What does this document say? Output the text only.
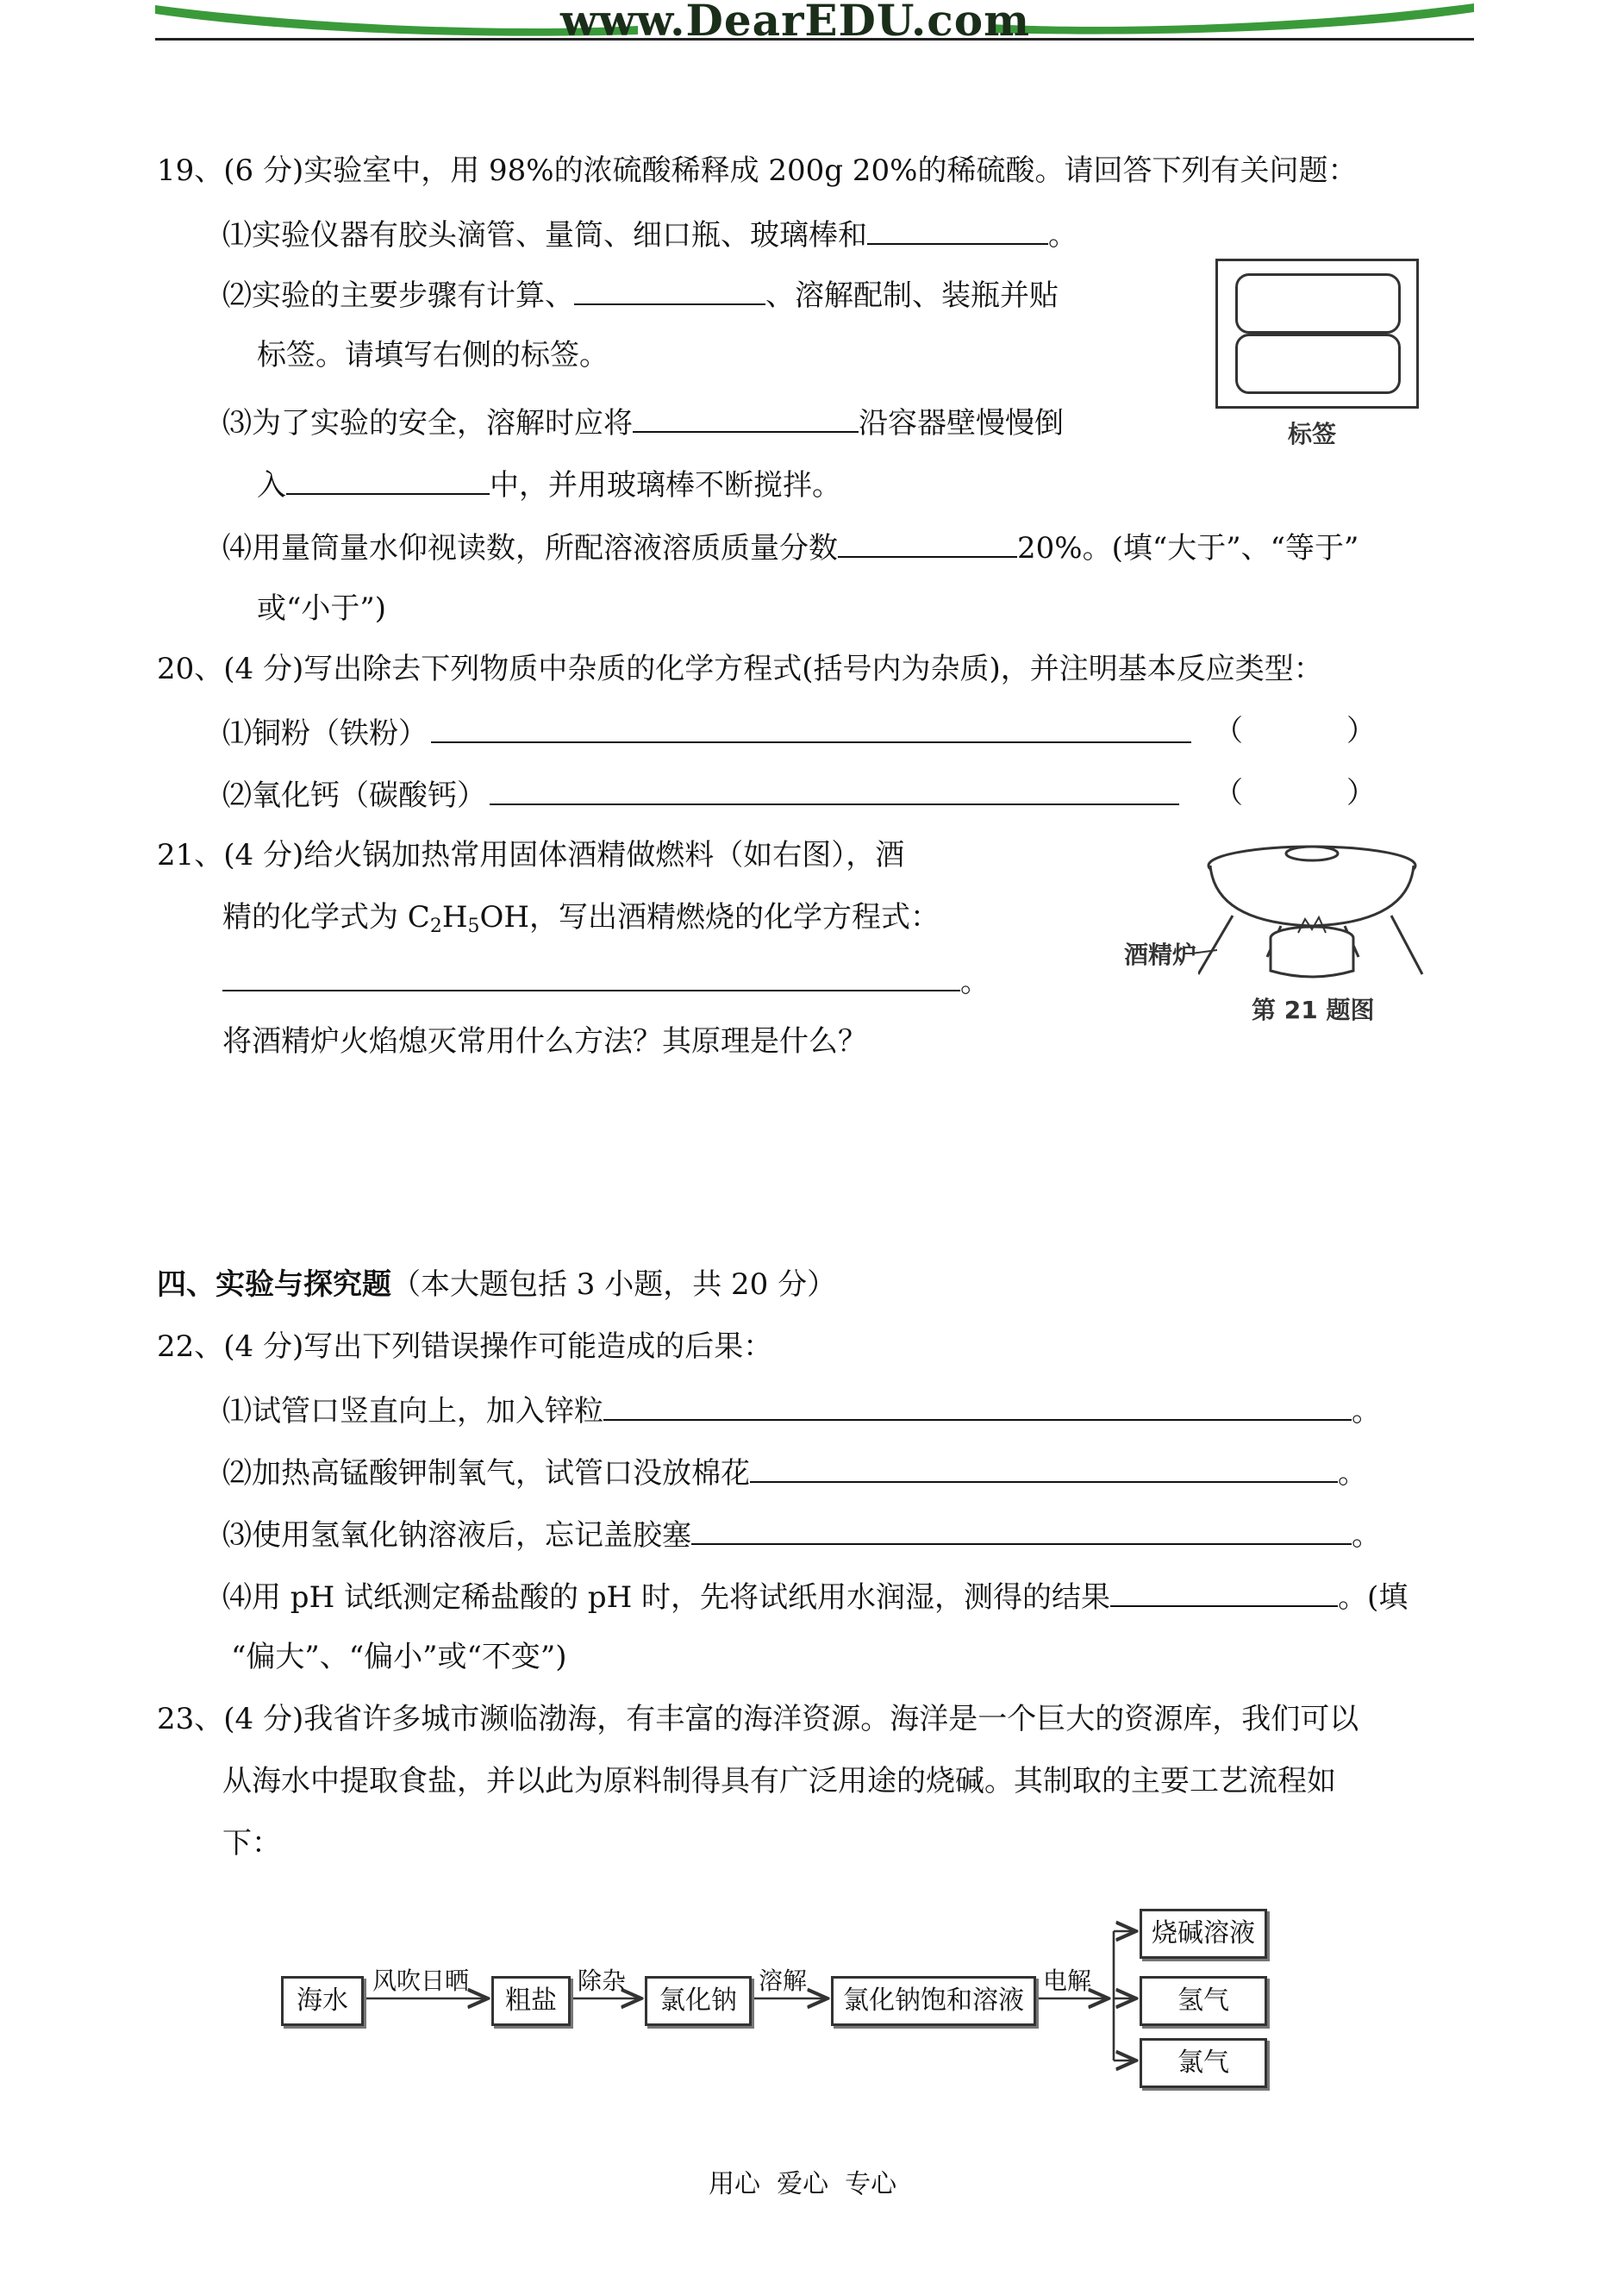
www.DearEDU.com
19、(6 分)实验室中，用 98%的浓硫酸稀释成 200g 20%的稀硫酸。请回答下列有关问题：
⑴实验仪器有胶头滴管、量筒、细口瓶、玻璃棒和	。
⑵实验的主要步骤有计算、	、溶解配制、装瓶并贴
标签。请填写右侧的标签。
⑶为了实验的安全，溶解时应将	沿容器壁慢慢倒
入	中，并用玻璃棒不断搅拌。
⑷用量筒量水仰视读数，所配溶液溶质质量分数	20%。(填“大于”、“等于”
或“小于”)
标签
20、(4 分)写出除去下列物质中杂质的化学方程式(括号内为杂质)，并注明基本反应类型：
⑴铜粉（铁粉）	（	）
⑵氧化钙（碳酸钙）	（	）
21、(4 分)给火锅加热常用固体酒精做燃料（如右图），酒
精的化学式为 $C_2H_5OH$，写出酒精燃烧的化学方程式：
。
将酒精炉火焰熄灭常用什么方法？其原理是什么？
酒精炉
第 21 题图
四、实验与探究题（本大题包括 3 小题，共 20 分）
22、(4 分)写出下列错误操作可能造成的后果：
⑴试管口竖直向上，加入锌粒	。
⑵加热高锰酸钾制氧气，试管口没放棉花	。
⑶使用氢氧化钠溶液后，忘记盖胶塞	。
⑷用 pH 试纸测定稀盐酸的 pH 时，先将试纸用水润湿，测得的结果	。(填
“偏大”、“偏小”或“不变”)
23、(4 分)我省许多城市濒临渤海，有丰富的海洋资源。海洋是一个巨大的资源库，我们可以
从海水中提取食盐，并以此为原料制得具有广泛用途的烧碱。其制取的主要工艺流程如
下：
海水	粗盐	氯化钠	氯化钠饱和溶液
烧碱溶液
氢气
氯气
风吹日晒	除杂	溶解	电解
用心  爱心  专心
